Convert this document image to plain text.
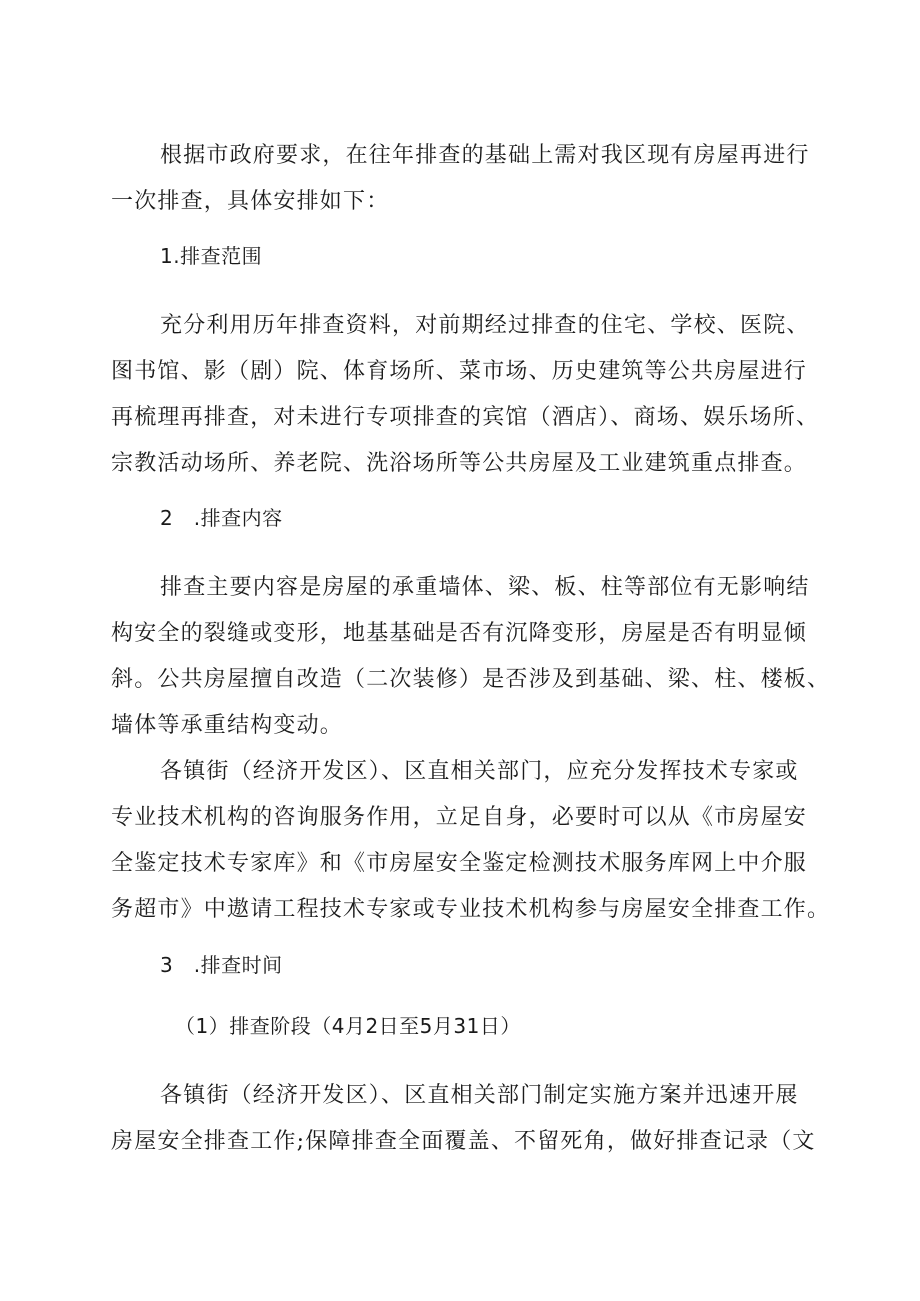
根据市政府要求，在往年排查的基础上需对我区现有房屋再进行
一次排查，具体安排如下：
1.排查范围
充分利用历年排查资料，对前期经过排查的住宅、学校、医院、
图书馆、影（剧）院、体育场所、菜市场、历史建筑等公共房屋进行
再梳理再排查，对未进行专项排查的宾馆（酒店）、商场、娱乐场所、
宗教活动场所、养老院、洗浴场所等公共房屋及工业建筑重点排查。
2　.排查内容
排查主要内容是房屋的承重墙体、梁、板、柱等部位有无影响结
构安全的裂缝或变形，地基基础是否有沉降变形，房屋是否有明显倾
斜。公共房屋擅自改造（二次装修）是否涉及到基础、梁、柱、楼板、
墙体等承重结构变动。
各镇街（经济开发区）、区直相关部门，应充分发挥技术专家或
专业技术机构的咨询服务作用，立足自身，必要时可以从《市房屋安
全鉴定技术专家库》和《市房屋安全鉴定检测技术服务库网上中介服
务超市》中遨请工程技术专家或专业技术机构参与房屋安全排查工作。
3　.排查时间
（1）排查阶段（4月2日至5月31日）
各镇街（经济开发区）、区直相关部门制定实施方案并迅速开展
房屋安全排查工作;保障排查全面覆盖、不留死角，做好排查记录（文
